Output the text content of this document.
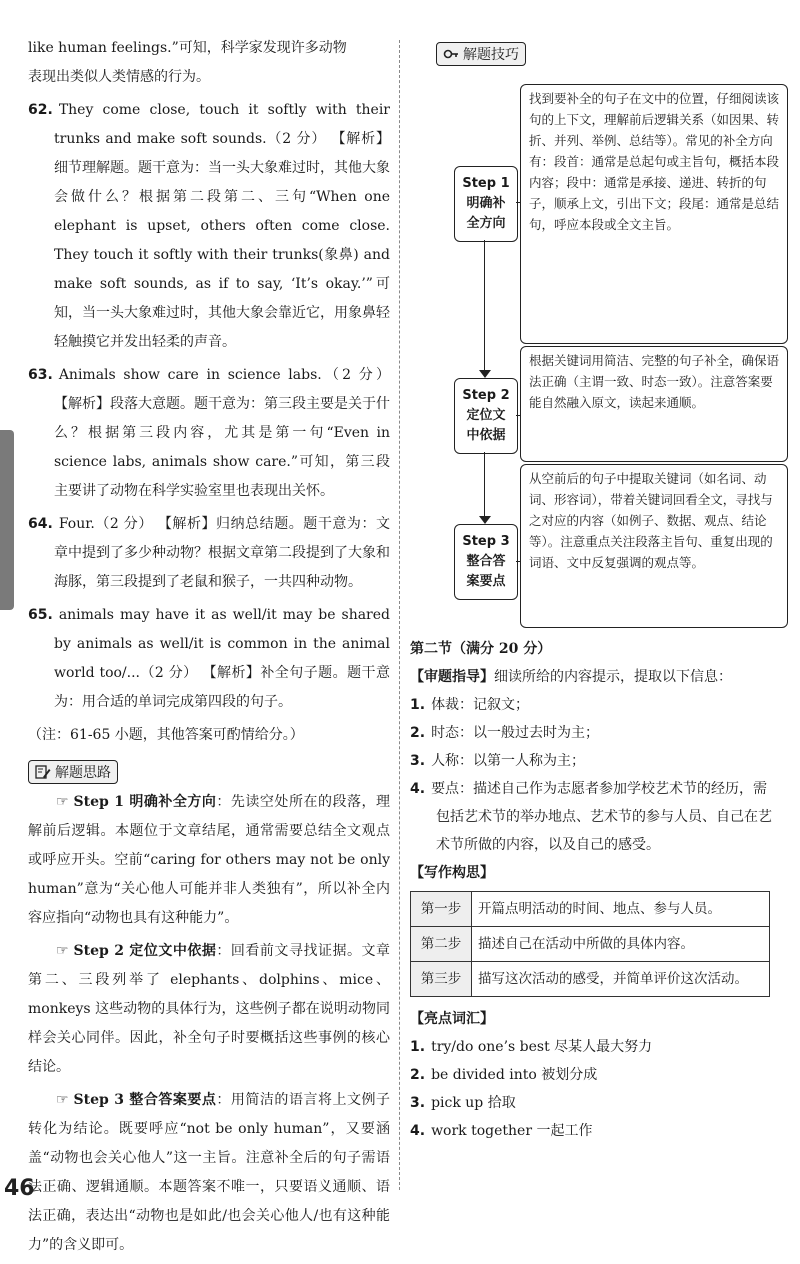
like human feelings.”可知，科学家发现许多动物
表现出类似人类情感的行为。

62. They come close, touch it softly with their trunks and make soft sounds.（2 分） 【解析】细节理解题。题干意为：当一头大象难过时，其他大象会做什么？根据第二段第二、三句“When one elephant is upset, others often come close. They touch it softly with their trunks(象鼻) and make soft sounds, as if to say, ‘It’s okay.’”可知，当一头大象难过时，其他大象会靠近它，用象鼻轻轻触摸它并发出轻柔的声音。

63. Animals show care in science labs.（2 分） 【解析】段落大意题。题干意为：第三段主要是关于什么？根据第三段内容，尤其是第一句“Even in science labs, animals show care.”可知，第三段主要讲了动物在科学实验室里也表现出关怀。

64. Four.（2 分） 【解析】归纳总结题。题干意为：文章中提到了多少种动物？根据文章第二段提到了大象和海豚，第三段提到了老鼠和猴子，一共四种动物。

65. animals may have it as well/it may be shared by animals as well/it is common in the animal world too/...（2 分） 【解析】补全句子题。题干意为：用合适的单词完成第四段的句子。

（注：61-65 小题，其他答案可酌情给分。）

解题思路

☞ Step 1 明确补全方向：先读空处所在的段落，理解前后逻辑。本题位于文章结尾，通常需要总结全文观点或呼应开头。空前“caring for others may not be only human”意为“关心他人可能并非人类独有”，所以补全内容应指向“动物也具有这种能力”。

☞ Step 2 定位文中依据：回看前文寻找证据。文章第二、三段列举了 elephants、dolphins、mice、monkeys 这些动物的具体行为，这些例子都在说明动物同样会关心同伴。因此，补全句子时要概括这些事例的核心结论。

☞ Step 3 整合答案要点：用简洁的语言将上文例子转化为结论。既要呼应“not be only human”，又要涵盖“动物也会关心他人”这一主旨。注意补全后的句子需语法正确、逻辑通顺。本题答案不唯一，只要语义通顺、语法正确，表达出“动物也是如此/也会关心他人/也有这种能力”的含义即可。

解题技巧
找到要补全的句子在文中的位置，仔细阅读该句的上下文，理解前后逻辑关系（如因果、转折、并列、举例、总结等）。常见的补全方向有：段首：通常是总起句或主旨句，概括本段内容；段中：通常是承接、递进、转折的句子，顺承上文，引出下文；段尾：通常是总结句，呼应本段或全文主旨。
Step 1
明确补
全方向
根据关键词用简洁、完整的句子补全，确保语法正确（主谓一致、时态一致）。注意答案要能自然融入原文，读起来通顺。
Step 2
定位文
中依据
从空前后的句子中提取关键词（如名词、动词、形容词），带着关键词回看全文，寻找与之对应的内容（如例子、数据、观点、结论等）。注意重点关注段落主旨句、重复出现的词语、文中反复强调的观点等。
Step 3
整合答
案要点

第二节（满分 20 分）

【审题指导】细读所给的内容提示，提取以下信息：

1. 体裁：记叙文；

2. 时态：以一般过去时为主；

3. 人称：以第一人称为主；

4. 要点：描述自己作为志愿者参加学校艺术节的经历，需包括艺术节的举办地点、艺术节的参与人员、自己在艺术节所做的内容，以及自己的感受。

【写作构思】

第一步	开篇点明活动的时间、地点、参与人员。
第二步	描述自己在活动中所做的具体内容。
第三步	描写这次活动的感受，并简单评价这次活动。

【亮点词汇】

1. try/do one’s best 尽某人最大努力

2. be divided into 被划分成

3. pick up 拾取

4. work together 一起工作

46
